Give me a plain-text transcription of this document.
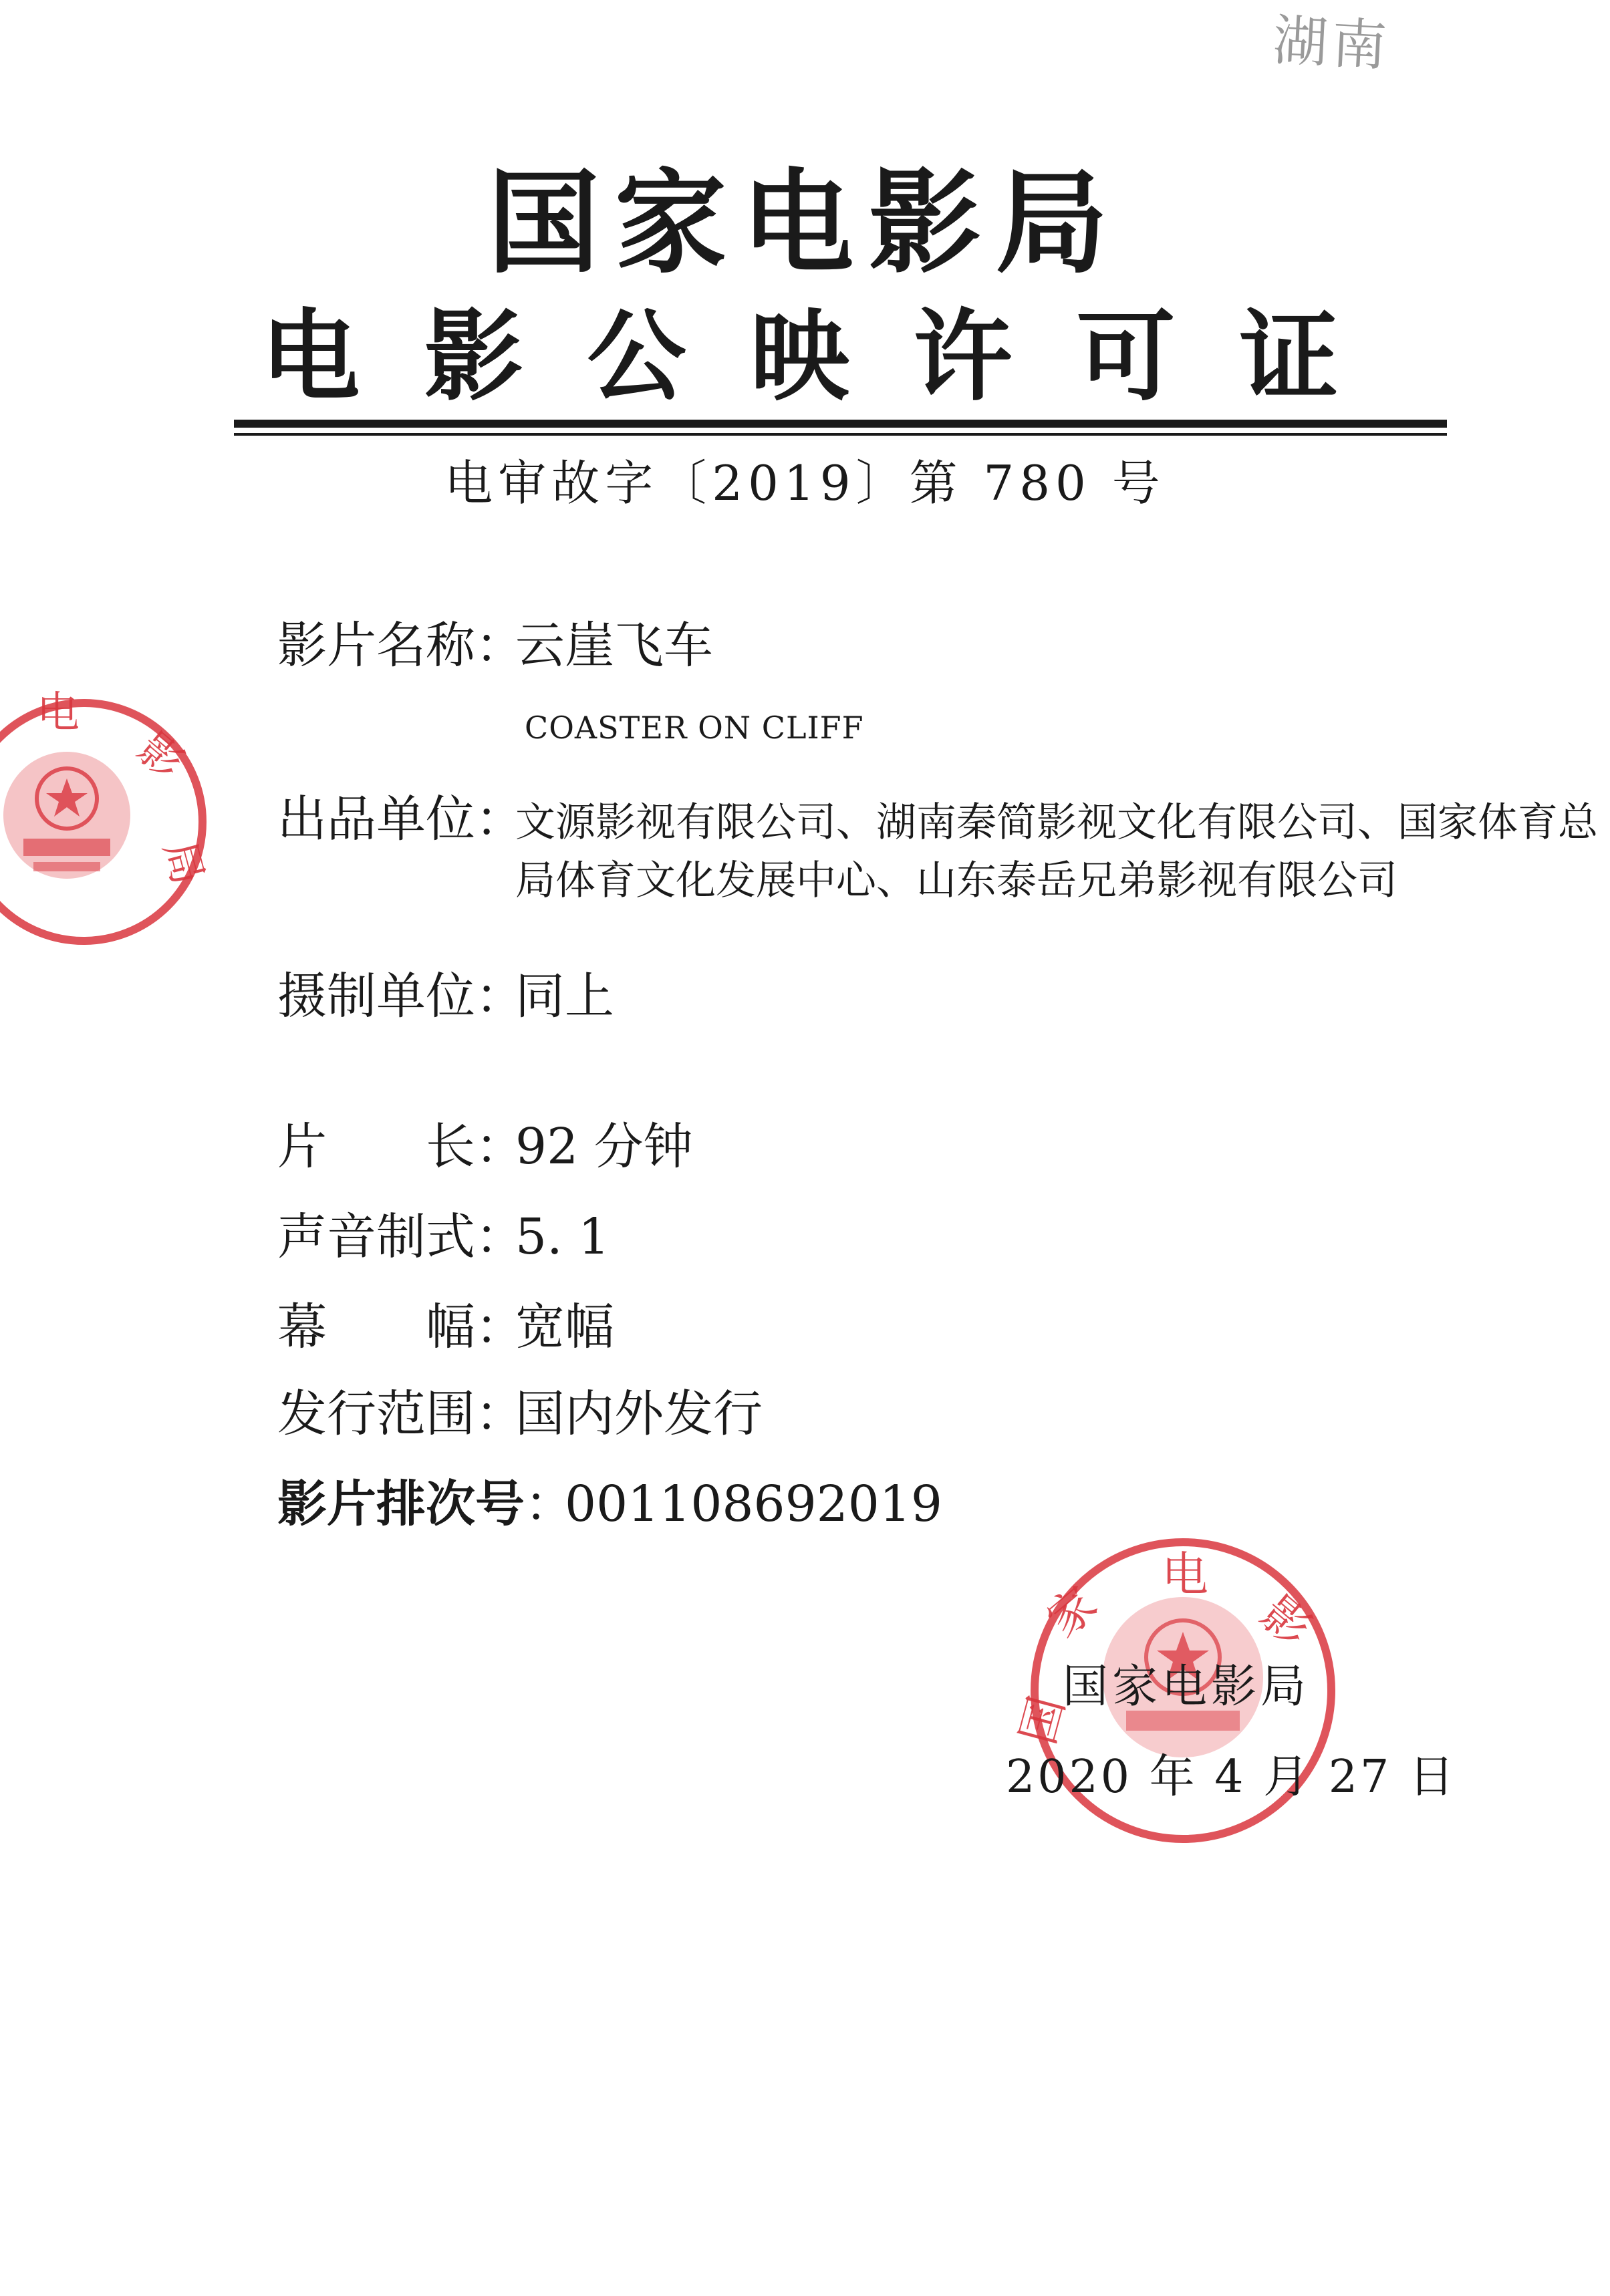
湖南
国家电影局
电影公映许可证
电审故字〔2019〕第 780 号
影片名称 ：
云崖飞车
COASTER ON CLIFF
出品单位 ：
文源影视有限公司、湖南秦简影视文化有限公司、国家体育总局体育文化发展中心、山东泰岳兄弟影视有限公司
摄制单位 ：
同上
片　　长 ：
92 分钟
声音制式 ：
5. 1
幕　　幅 ：
宽幅
发行范围 ：
国内外发行
影片排次号 ：
001108692019
电
影
局
电
影
家
国
国家电影局
2020 年 4 月 27 日
